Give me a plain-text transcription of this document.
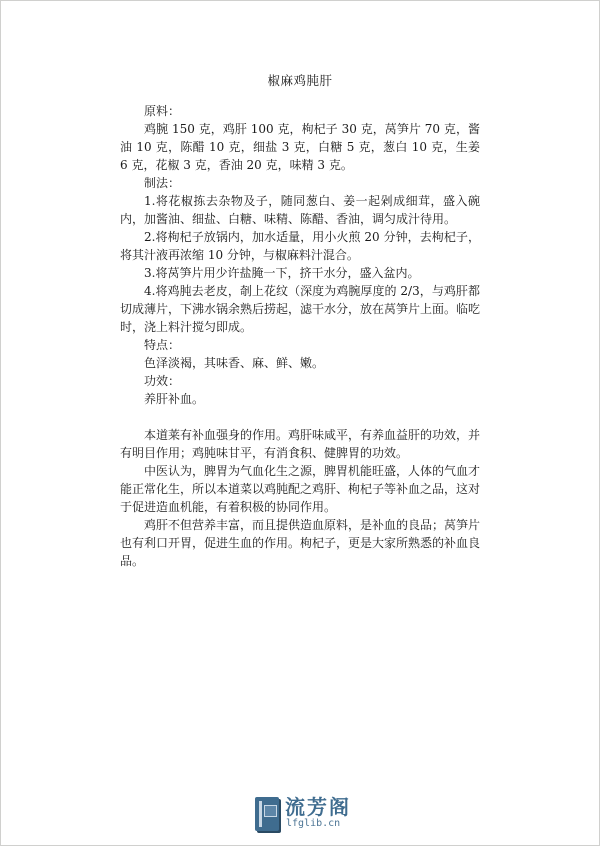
椒麻鸡肫肝

原料：

鸡腕 150 克，鸡肝 100 克，枸杞子 30 克，莴笋片 70 克，酱油 10 克，陈醋 10 克，细盐 3 克，白糖 5 克，葱白 10 克，生姜 6 克，花椒 3 克，香油 20 克，味精 3 克。

制法：

1.将花椒拣去杂物及子，随同葱白、姜一起剁成细茸，盛入碗内，加酱油、细盐、白糖、味精、陈醋、香油，调匀成汁待用。

2.将枸杞子放锅内，加水适量，用小火煎 20 分钟，去枸杞子，将其汁液再浓缩 10 分钟，与椒麻料汁混合。

3.将莴笋片用少许盐腌一下，挤干水分，盛入盆内。

4.将鸡肫去老皮，剞上花纹（深度为鸡腕厚度的 2/3，与鸡肝都切成薄片，下沸水锅余熟后捞起，滤干水分，放在莴笋片上面。临吃时，浇上料汁搅匀即成。

特点：

色泽淡褐，其味香、麻、鲜、嫩。

功效：

养肝补血。

本道莱有补血强身的作用。鸡肝味咸平，有养血益肝的功效，并有明目作用；鸡肫味甘平，有消食积、健脾胃的功效。

中医认为，脾胃为气血化生之源，脾胃机能旺盛，人体的气血才能正常化生，所以本道菜以鸡肫配之鸡肝、枸杞子等补血之品，这对于促进造血机能，有着积极的协同作用。

鸡肝不但营养丰富，而且提供造血原料，是补血的良品；莴笋片也有利口开胃，促进生血的作用。枸杞子，更是大家所熟悉的补血良品。

流芳阁
lfglib.cn
